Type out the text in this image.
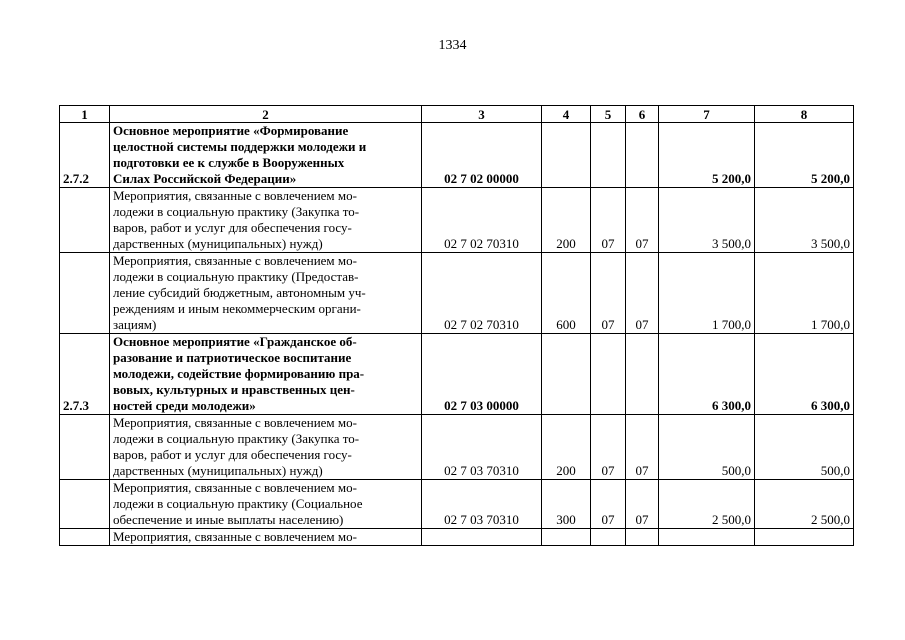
1334
1	2	3	4	5	6	7	8
2.7.2	Основное мероприятие «Формирование
целостной системы поддержки молодежи и
подготовки ее к службе в Вооруженных
Силах Российской Федерации»	02 7 02 00000				5 200,0	5 200,0

	Мероприятия, связанные с вовлечением мо-
лодежи в социальную практику (Закупка то-
варов, работ и услуг для обеспечения госу-
дарственных (муниципальных) нужд)	02 7 02 70310	200	07	07	3 500,0	3 500,0

	Мероприятия, связанные с вовлечением мо-
лодежи в социальную практику (Предостав-
ление субсидий бюджетным, автономным уч-
реждениям и иным некоммерческим органи-
зациям)	02 7 02 70310	600	07	07	1 700,0	1 700,0
2.7.3	Основное мероприятие «Гражданское об-
разование и патриотическое воспитание
молодежи, содействие формированию пра-
вовых, культурных и нравственных цен-
ностей среди молодежи»	02 7 03 00000				6 300,0	6 300,0

	Мероприятия, связанные с вовлечением мо-
лодежи в социальную практику (Закупка то-
варов, работ и услуг для обеспечения госу-
дарственных (муниципальных) нужд)	02 7 03 70310	200	07	07	500,0	500,0

	Мероприятия, связанные с вовлечением мо-
лодежи в социальную практику (Социальное
обеспечение и иные выплаты населению)	02 7 03 70310	300	07	07	2 500,0	2 500,0

	Мероприятия, связанные с вовлечением мо-						
